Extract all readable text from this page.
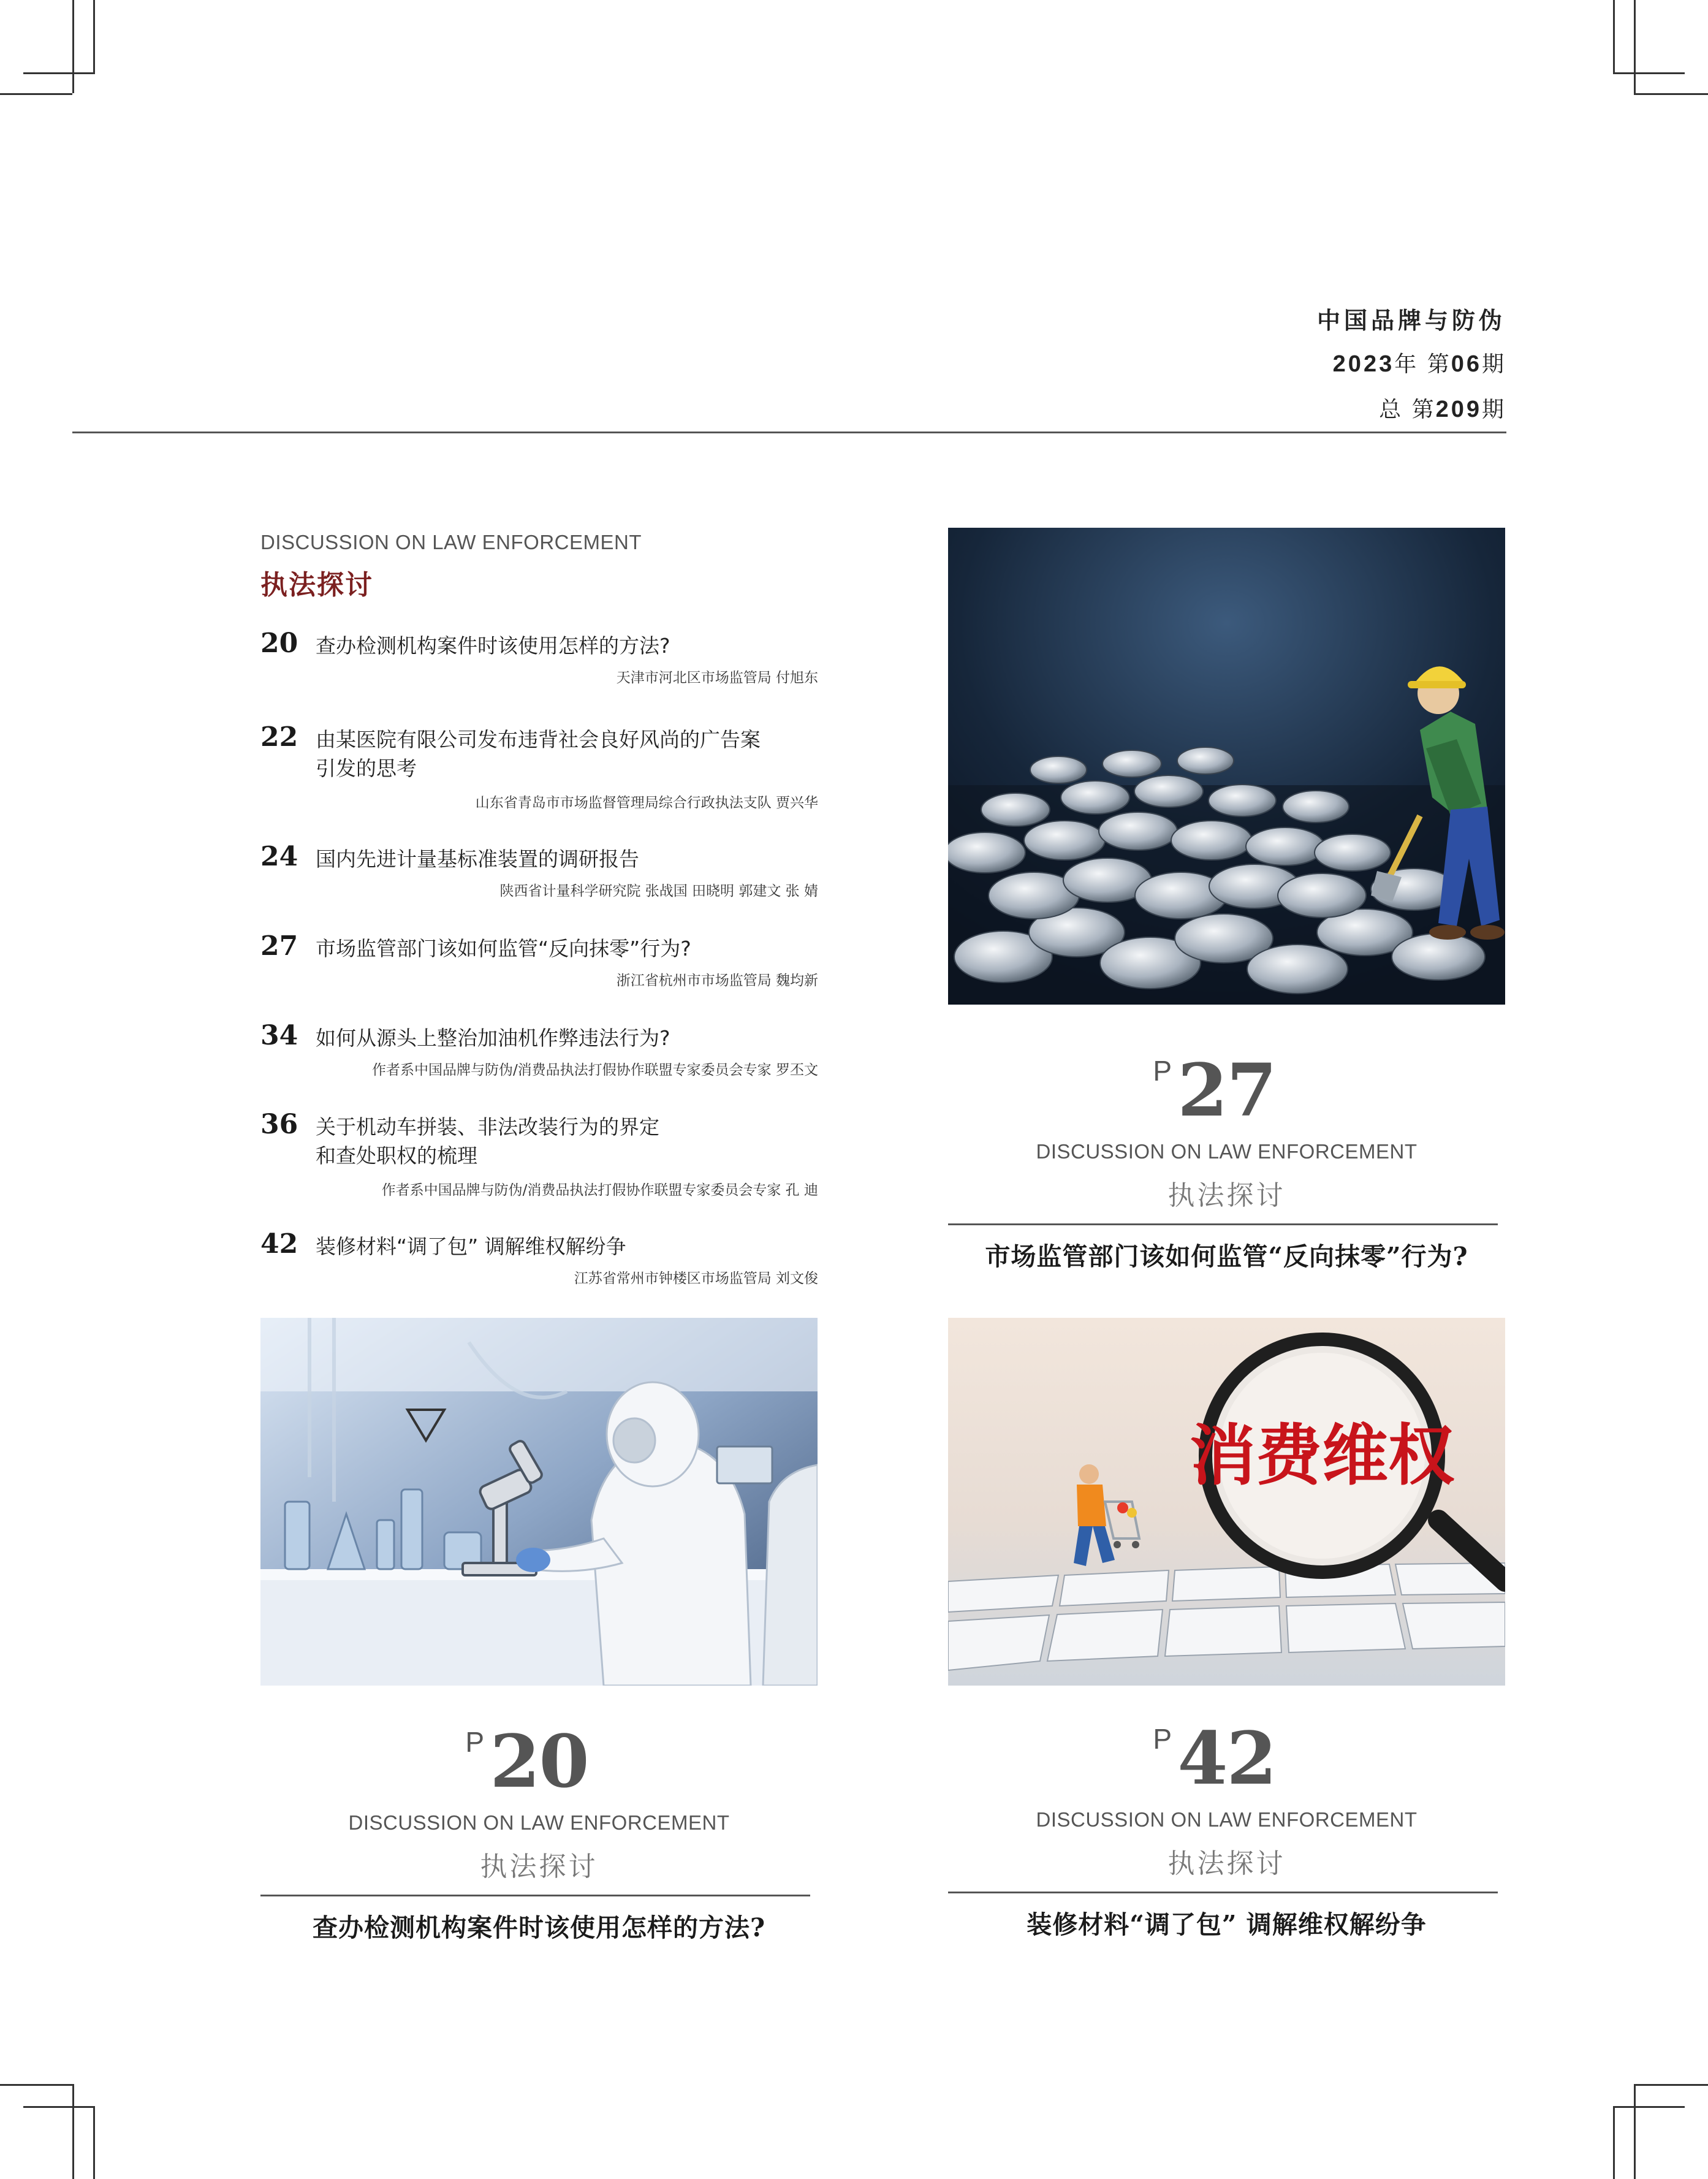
中国品牌与防伪
2023年 第06期
总 第209期
DISCUSSION ON LAW ENFORCEMENT
执法探讨
20 查办检测机构案件时该使用怎样的方法?
天津市河北区市场监管局 付旭东
22 由某医院有限公司发布违背社会良好风尚的广告案
引发的思考
山东省青岛市市场监督管理局综合行政执法支队 贾兴华
24 国内先进计量基标准装置的调研报告
陕西省计量科学研究院 张战国 田晓明 郭建文 张 婧
27 市场监管部门该如何监管“反向抹零”行为?
浙江省杭州市市场监管局 魏均新
34 如何从源头上整治加油机作弊违法行为?
作者系中国品牌与防伪/消费品执法打假协作联盟专家委员会专家 罗丕文
36 关于机动车拼装、非法改装行为的界定
和查处职权的梳理
作者系中国品牌与防伪/消费品执法打假协作联盟专家委员会专家 孔 迪
42 装修材料“调了包” 调解维权解纷争
江苏省常州市钟楼区市场监管局 刘文俊
P 27
DISCUSSION ON LAW ENFORCEMENT
执法探讨
市场监管部门该如何监管“反向抹零”行为?
P 20
DISCUSSION ON LAW ENFORCEMENT
执法探讨
查办检测机构案件时该使用怎样的方法?
消费维权
P 42
DISCUSSION ON LAW ENFORCEMENT
执法探讨
装修材料“调了包” 调解维权解纷争
